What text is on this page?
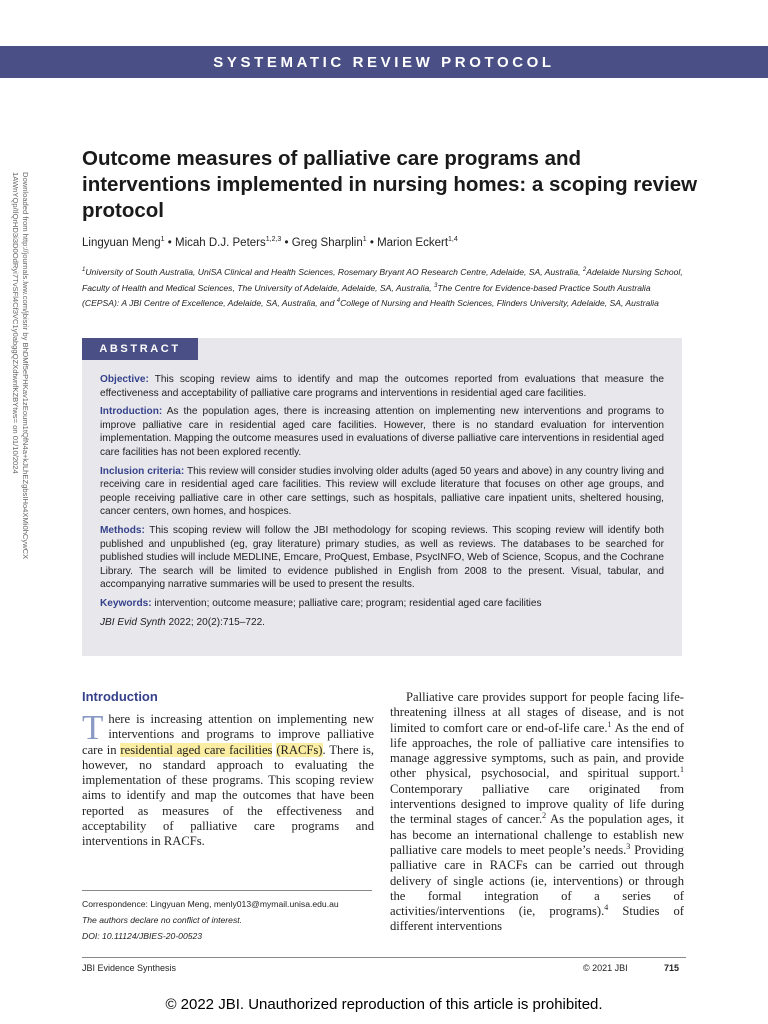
SYSTEMATIC REVIEW PROTOCOL
Downloaded from http://journals.lww.com/jbisrir by BhDMf5ePHKav1zEoum1tQfN4a+kJLhEZgbsIHo4XMi0hCywCX
1AWnYQp/IlQrHD3i3D0OdRyi7TvSFl4Cf3VC1y0abggQZXdtwnfKZBYtws= on 01/10/2024
Outcome measures of palliative care programs and interventions implemented in nursing homes: a scoping review protocol
Lingyuan Meng$^1$ • Micah D.J. Peters$^{1,2,3}$ • Greg Sharplin$^1$ • Marion Eckert$^{1,4}$
$^1$University of South Australia, UniSA Clinical and Health Sciences, Rosemary Bryant AO Research Centre, Adelaide, SA, Australia, $^2$Adelaide Nursing School, Faculty of Health and Medical Sciences, The University of Adelaide, Adelaide, SA, Australia, $^3$The Centre for Evidence-based Practice South Australia (CEPSA): A JBI Centre of Excellence, Adelaide, SA, Australia, and $^4$College of Nursing and Health Sciences, Flinders University, Adelaide, SA, Australia
ABSTRACT

Objective: This scoping review aims to identify and map the outcomes reported from evaluations that measure the effectiveness and acceptability of palliative care programs and interventions in residential aged care facilities.

Introduction: As the population ages, there is increasing attention on implementing new interventions and programs to improve palliative care in residential aged care facilities. However, there is no standard evaluation for intervention implementation. Mapping the outcome measures used in evaluations of diverse palliative care interventions in residential aged care facilities has not been explored recently.

Inclusion criteria: This review will consider studies involving older adults (aged 50 years and above) in any country living and receiving care in residential aged care facilities. This review will exclude literature that focuses on other age groups, and people receiving palliative care in other care settings, such as hospitals, palliative care inpatient units, sheltered housing, cancer centers, own homes, and hospices.

Methods: This scoping review will follow the JBI methodology for scoping reviews. This scoping review will identify both published and unpublished (eg, gray literature) primary studies, as well as reviews. The databases to be searched for published studies will include MEDLINE, Emcare, ProQuest, Embase, PsycINFO, Web of Science, Scopus, and the Cochrane Library. The search will be limited to evidence published in English from 2008 to the present. Visual, tabular, and accompanying narrative summaries will be used to present the results.

Keywords: intervention; outcome measure; palliative care; program; residential aged care facilities

JBI Evid Synth 2022; 20(2):715–722.

Introduction
There is increasing attention on implementing new interventions and programs to improve palliative care in residential aged care facilities (RACFs). There is, however, no standard approach to evaluating the implementation of these programs. This scoping review aims to identify and map the outcomes that have been reported as measures of the effectiveness and acceptability of palliative care programs and interventions in RACFs.
Palliative care provides support for people facing life-threatening illness at all stages of disease, and is not limited to comfort care or end-of-life care.$^1$ As the end of life approaches, the role of palliative care intensifies to manage aggressive symptoms, such as pain, and provide other physical, psychosocial, and spiritual support.$^1$ Contemporary palliative care originated from interventions designed to improve quality of life during the terminal stages of cancer.$^2$ As the population ages, it has become an international challenge to establish new palliative care models to meet people’s needs.$^3$ Providing palliative care in RACFs can be carried out through delivery of single actions (ie, interventions) or through the formal integration of a series of activities/interventions (ie, programs).$^4$ Studies of different interventions
Correspondence: Lingyuan Meng, menly013@mymail.unisa.edu.au
The authors declare no conflict of interest.
DOI: 10.11124/JBIES-20-00523
JBI Evidence Synthesis	© 2021 JBI	715
© 2022 JBI. Unauthorized reproduction of this article is prohibited.
